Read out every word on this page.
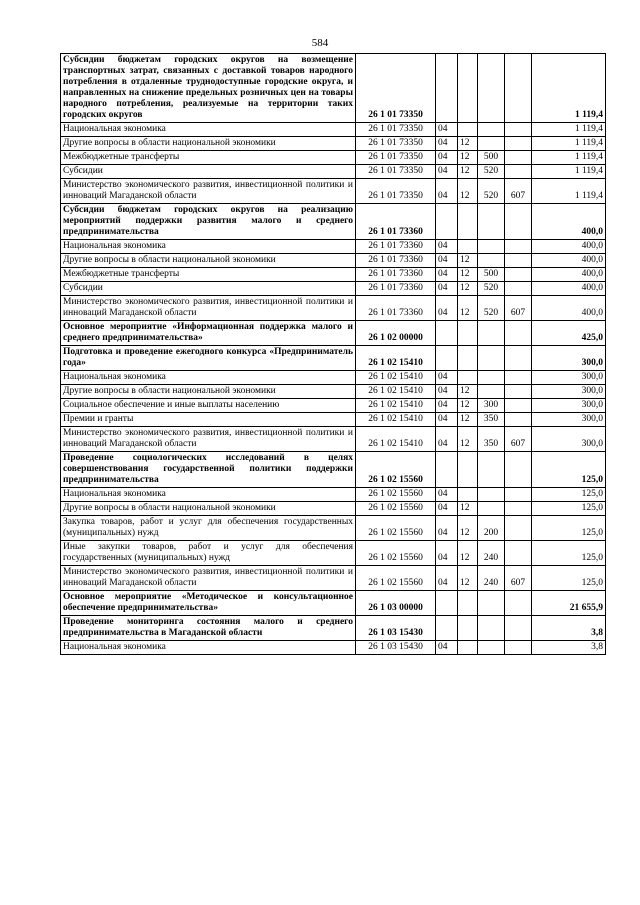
584
Субсидии бюджетам городских округов на возмещение транспортных затрат, связанных с доставкой товаров народного потребления в отдаленные труднодоступные городские округа, и направленных на снижение предельных розничных цен на товары народного потребления, реализуемые на территории таких городских округов	26 1 01 73350					1 119,4
Национальная экономика	26 1 01 73350	04				1 119,4
Другие вопросы в области национальной экономики	26 1 01 73350	04	12			1 119,4
Межбюджетные трансферты	26 1 01 73350	04	12	500		1 119,4
Субсидии	26 1 01 73350	04	12	520		1 119,4
Министерство экономического развития, инвестиционной политики и инноваций Магаданской области	26 1 01 73350	04	12	520	607	1 119,4
Субсидии бюджетам городских округов на реализацию мероприятий поддержки развития малого и среднего предпринимательства	26 1 01 73360					400,0
Национальная экономика	26 1 01 73360	04				400,0
Другие вопросы в области национальной экономики	26 1 01 73360	04	12			400,0
Межбюджетные трансферты	26 1 01 73360	04	12	500		400,0
Субсидии	26 1 01 73360	04	12	520		400,0
Министерство экономического развития, инвестиционной политики и инноваций Магаданской области	26 1 01 73360	04	12	520	607	400,0
Основное мероприятие «Информационная поддержка малого и среднего предпринимательства»	26 1 02 00000					425,0
Подготовка и проведение ежегодного конкурса «Предприниматель года»	26 1 02 15410					300,0
Национальная экономика	26 1 02 15410	04				300,0
Другие вопросы в области национальной экономики	26 1 02 15410	04	12			300,0
Социальное обеспечение и иные выплаты населению	26 1 02 15410	04	12	300		300,0
Премии и гранты	26 1 02 15410	04	12	350		300,0
Министерство экономического развития, инвестиционной политики и инноваций Магаданской области	26 1 02 15410	04	12	350	607	300,0
Проведение социологических исследований в целях совершенствования государственной политики поддержки предпринимательства	26 1 02 15560					125,0
Национальная экономика	26 1 02 15560	04				125,0
Другие вопросы в области национальной экономики	26 1 02 15560	04	12			125,0
Закупка товаров, работ и услуг для обеспечения государственных (муниципальных) нужд	26 1 02 15560	04	12	200		125,0
Иные закупки товаров, работ и услуг для обеспечения государственных (муниципальных) нужд	26 1 02 15560	04	12	240		125,0
Министерство экономического развития, инвестиционной политики и инноваций Магаданской области	26 1 02 15560	04	12	240	607	125,0
Основное мероприятие «Методическое и консультационное обеспечение предпринимательства»	26 1 03 00000					21 655,9
Проведение мониторинга состояния малого и среднего предпринимательства в Магаданской области	26 1 03 15430					3,8
Национальная экономика	26 1 03 15430	04				3,8
